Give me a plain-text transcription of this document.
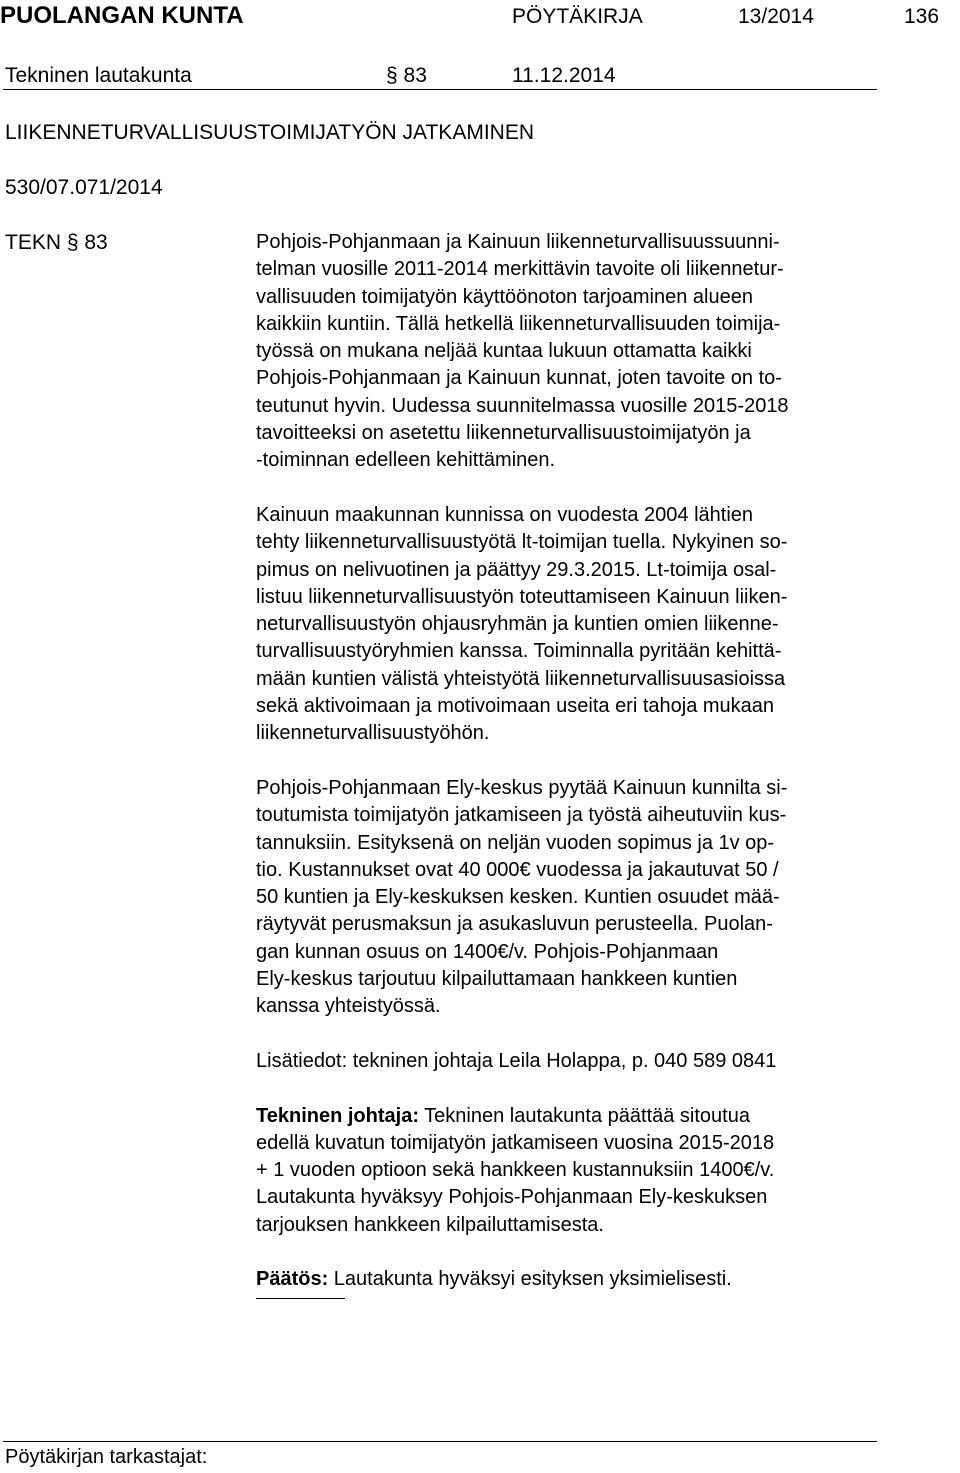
PUOLANGAN KUNTA	PÖYTÄKIRJA	13/2014	136
Tekninen lautakunta	§ 83	11.12.2014
LIIKENNETURVALLISUUSTOIMIJATYÖN JATKAMINEN
530/07.071/2014
TEKN § 83	Pohjois-Pohjanmaan ja Kainuun liikenneturvallisuussuunni-
telman vuosille 2011-2014 merkittävin tavoite oli liikennetur-
vallisuuden toimijatyön käyttöönoton tarjoaminen alueen
kaikkiin kuntiin. Tällä hetkellä liikenneturvallisuuden toimija-
työssä on mukana neljää kuntaa lukuun ottamatta kaikki
Pohjois-Pohjanmaan ja Kainuun kunnat, joten tavoite on to-
teutunut hyvin. Uudessa suunnitelmassa vuosille 2015-2018
tavoitteeksi on asetettu liikenneturvallisuustoimijatyön ja
-toiminnan edelleen kehittäminen.
Kainuun maakunnan kunnissa on vuodesta 2004 lähtien
tehty liikenneturvallisuustyötä lt-toimijan tuella. Nykyinen so-
pimus on nelivuotinen ja päättyy 29.3.2015. Lt-toimija osal-
listuu liikenneturvallisuustyön toteuttamiseen Kainuun liiken-
neturvallisuustyön ohjausryhmän ja kuntien omien liikenne-
turvallisuustyöryhmien kanssa. Toiminnalla pyritään kehittä-
mään kuntien välistä yhteistyötä liikenneturvallisuusasioissa
sekä aktivoimaan ja motivoimaan useita eri tahoja mukaan
liikenneturvallisuustyöhön.
Pohjois-Pohjanmaan Ely-keskus pyytää Kainuun kunnilta si-
toutumista toimijatyön jatkamiseen ja työstä aiheutuviin kus-
tannuksiin. Esityksenä on neljän vuoden sopimus ja 1v op-
tio. Kustannukset ovat 40 000€ vuodessa ja jakautuvat 50 /
50 kuntien ja Ely-keskuksen kesken. Kuntien osuudet mää-
räytyvät perusmaksun ja asukasluvun perusteella. Puolan-
gan kunnan osuus on 1400€/v. Pohjois-Pohjanmaan
Ely-keskus tarjoutuu kilpailuttamaan hankkeen kuntien
kanssa yhteistyössä.
Lisätiedot: tekninen johtaja Leila Holappa, p. 040 589 0841
Tekninen johtaja: Tekninen lautakunta päättää sitoutua
edellä kuvatun toimijatyön jatkamiseen vuosina 2015-2018
+ 1 vuoden optioon sekä hankkeen kustannuksiin 1400€/v.
Lautakunta hyväksyy Pohjois-Pohjanmaan Ely-keskuksen
tarjouksen hankkeen kilpailuttamisesta.
Päätös: Lautakunta hyväksyi esityksen yksimielisesti.
Pöytäkirjan tarkastajat:
